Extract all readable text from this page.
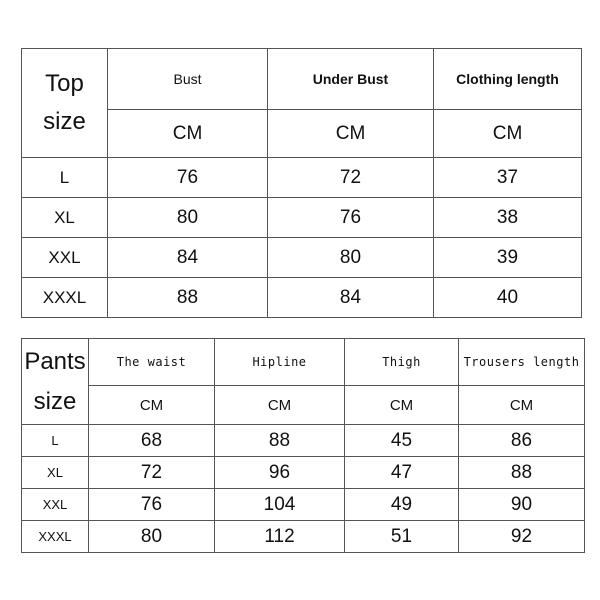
Top
size	Bust	Under Bust	Clothing length
	CM	CM	CM
L	76	72	37
XL	80	76	38
XXL	84	80	39
XXXL	88	84	40
Pants
size	The waist	Hipline	Thigh	Trousers length
	CM	CM	CM	CM
L	68	88	45	86
XL	72	96	47	88
XXL	76	104	49	90
XXXL	80	112	51	92
